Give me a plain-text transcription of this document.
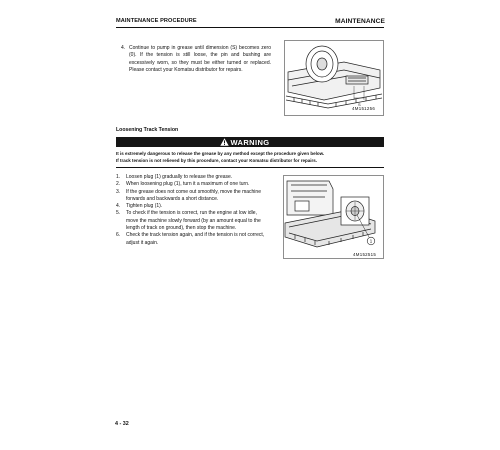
MAINTENANCE PROCEDURE	MAINTENANCE
4. Continue to pump in grease until dimension (S) becomes zero (0). If the tension is still loose, the pin and bushing are excessively worn, so they must be either turned or replaced. Please contact your Komatsu distributor for repairs.
S
4M151256
Loosening Track Tension
WARNING
It is extremely dangerous to release the grease by any method except the procedure given below.
If track tension is not relieved by this procedure, contact your Komatsu distributor for repairs.
1. Loosen plug (1) gradually to release the grease.
2. When loosening plug (1), turn it a maximum of one turn.
3. If the grease does not come out smoothly, move the machine forwards and backwards a short distance.
4. Tighten plug (1).
5. To check if the tension is correct, run the engine at low idle, move the machine slowly forward (by an amount equal to the length of track on ground), then stop the machine.
6. Check the track tension again, and if the tension is not correct, adjust it again.	1
4M152515
4 - 32
